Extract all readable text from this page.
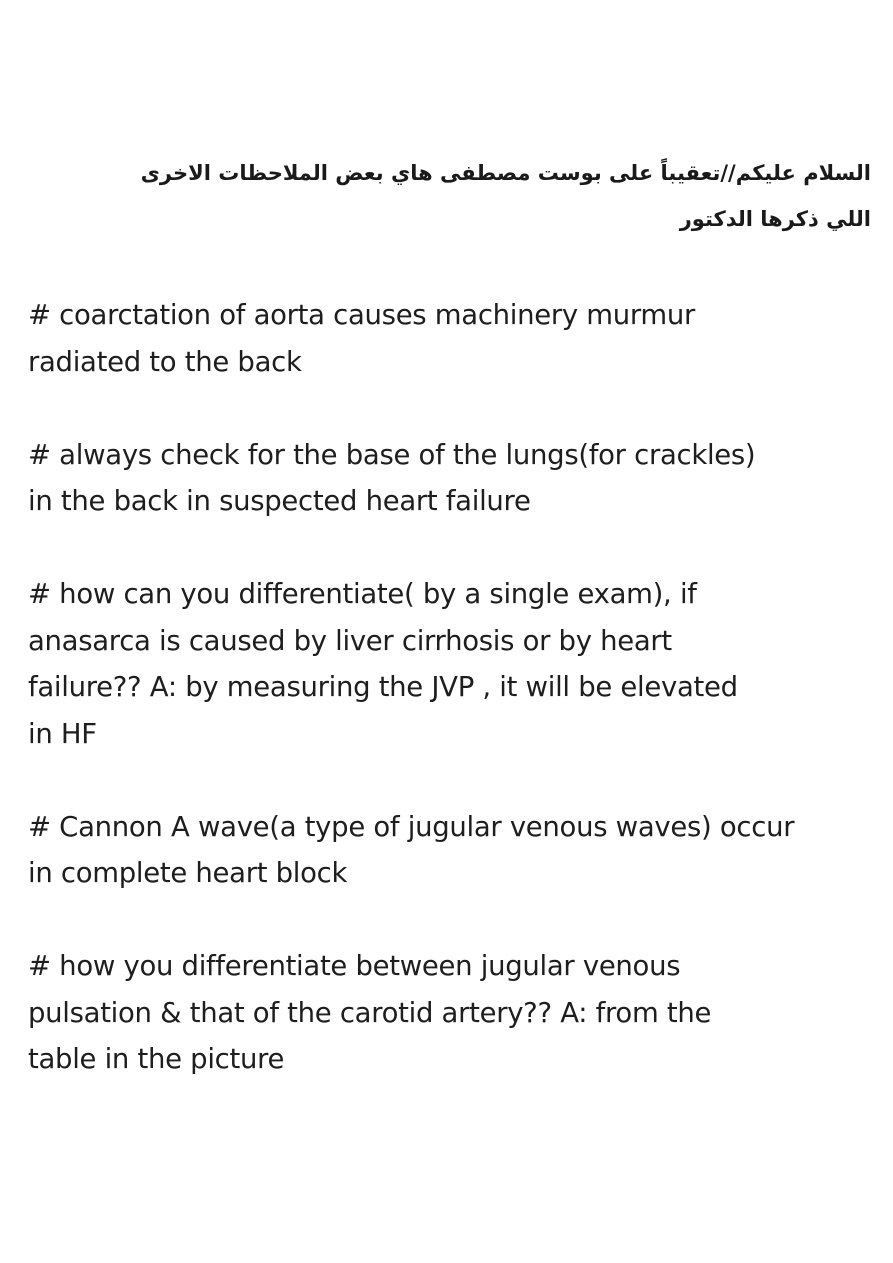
السلام عليكم//تعقيباً على بوست مصطفى هاي بعض الملاحظات الاخرى

اللي ذكرها الدكتور

# coarctation of aorta causes machinery murmur
radiated to the back
# always check for the base of the lungs(for crackles)
in the back in suspected heart failure
# how can you differentiate( by a single exam), if
anasarca is caused by liver cirrhosis or by heart
failure?? A: by measuring the JVP , it will be elevated
in HF
# Cannon A wave(a type of jugular venous waves) occur
in complete heart block
# how you differentiate between jugular venous
pulsation & that of the carotid artery?? A: from the
table in the picture
